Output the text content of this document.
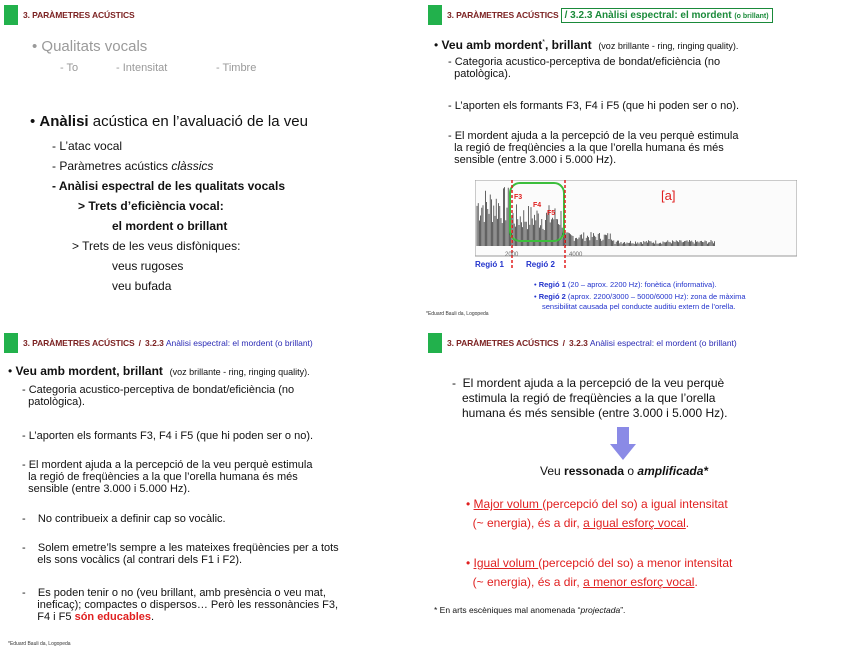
3. PARÀMETRES ACÚSTICS
• Qualitats vocals
- To	- Intensitat	- Timbre
• Anàlisi acústica en l’avaluació de la veu
- L’atac vocal
- Paràmetres acústics clàssics
- Anàlisi espectral de les qualitats vocals
> Trets d’eficiència vocal:
el mordent o brillant
> Trets de les veus disfòniques:
veus rugoses
veu bufada
3. PARÀMETRES ACÚSTICS / 3.2.3 Anàlisi espectral: el mordent (o brillant)
• Veu amb mordent*, brillant (voz brillante - ring, ringing quality).
- Categoria acustico-perceptiva de bondat/eficiència (no
patològica).
- L’aporten els formants F3, F4 i F5 (que hi poden ser o no).
- El mordent ajuda a la percepció de la veu perquè estimula
la regió de freqüències a la que l’orella humana és més
sensible (entre 3.000 i 5.000 Hz).
[a]
F3
F4
F5
2000	4000
Regió 1	Regió 2
• Regió 1 (20 – aprox. 2200 Hz): fonètica (informativa).
• Regió 2 (aprox. 2200/3000 – 5000/6000 Hz): zona de màxima
sensibilitat causada pel conducte auditiu extern de l’orella.
*Eduard Bauli da, Logopeda
3. PARÀMETRES ACÚSTICS / 3.2.3 Anàlisi espectral: el mordent (o brillant)
• Veu amb mordent, brillant (voz brillante - ring, ringing quality).
- Categoria acustico-perceptiva de bondat/eficiència (no
patològica).
- L’aporten els formants F3, F4 i F5 (que hi poden ser o no).
- El mordent ajuda a la percepció de la veu perquè estimula
la regió de freqüències a la que l’orella humana és més
sensible (entre 3.000 i 5.000 Hz).
-    No contribueix a definir cap so vocàlic.
-    Solem emetre’ls sempre a les mateixes freqüències per a tots
els sons vocàlics (al contrari dels F1 i F2).
-    Es poden tenir o no (veu brillant, amb presència o veu mat,
ineficaç); compactes o dispersos… Però les ressonàncies F3,
F4 i F5 són educables.
*Eduard Bauli da, Logopeda
3. PARÀMETRES ACÚSTICS / 3.2.3 Anàlisi espectral: el mordent (o brillant)
-  El mordent ajuda a la percepció de la veu perquè
estimula la regió de freqüències a la que l’orella
humana és més sensible (entre 3.000 i 5.000 Hz).
Veu ressonada o amplificada*
• Major volum (percepció del so) a igual intensitat
(~ energia), és a dir, a igual esforç vocal.
• Igual volum (percepció del so) a menor intensitat
(~ energia), és a dir, a menor esforç vocal.
* En arts escèniques mal anomenada “projectada”.
